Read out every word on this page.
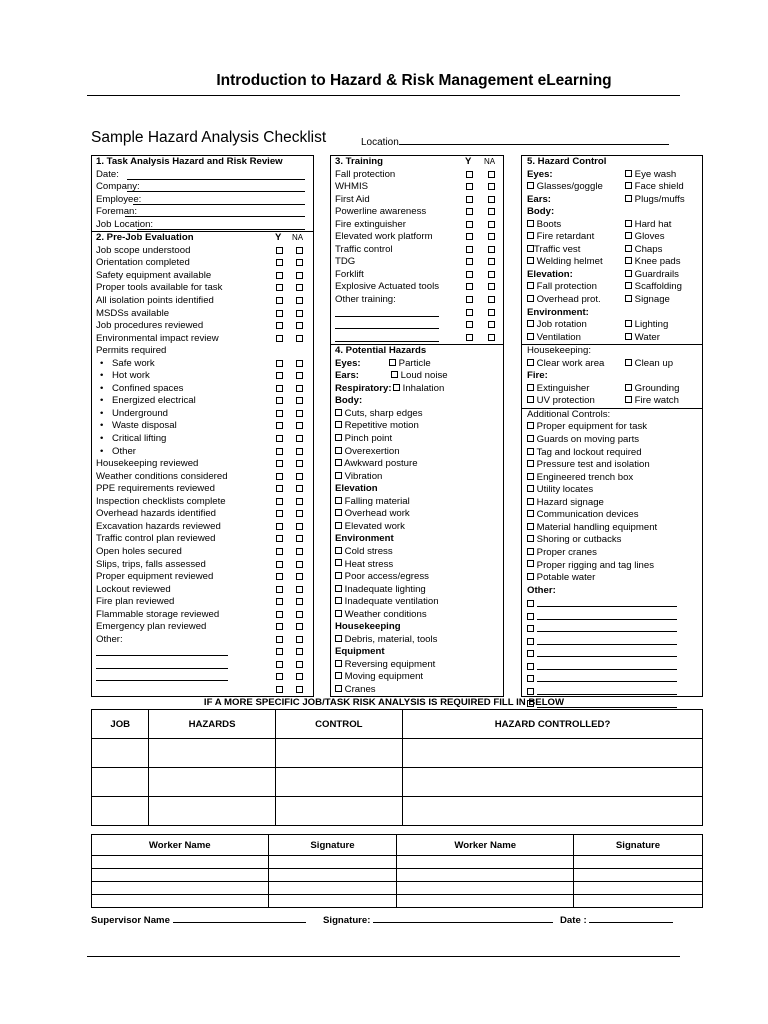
Introduction to Hazard & Risk Management eLearning
Sample Hazard Analysis Checklist	Location
1. Task Analysis Hazard and Risk Review
Date:
Company:
Employee:
Foreman:
Job Location:
2. Pre-Job Evaluation	Y NA
Job scope understood
Orientation completed
Safety equipment available
Proper tools available for task
All isolation points identified
MSDSs available
Job procedures reviewed
Environmental impact review
Permits required
• Safe work
• Hot work
• Confined spaces
• Energized electrical
• Underground
• Waste disposal
• Critical lifting
• Other
Housekeeping reviewed
Weather conditions considered
PPE requirements reviewed
Inspection checklists complete
Overhead hazards identified
Excavation hazards reviewed
Traffic control plan reviewed
Open holes secured
Slips, trips, falls assessed
Proper equipment reviewed
Lockout reviewed
Fire plan reviewed
Flammable storage reviewed
Emergency plan reviewed
Other:
3. Training	Y NA
Fall protection
WHMIS
First Aid
Powerline awareness
Fire extinguisher
Elevated work platform
Traffic control
TDG
Forklift
Explosive Actuated tools
Other training:
4. Potential Hazards
Eyes:	Particle
Ears:	Loud noise
Respiratory:	Inhalation
Body:
Cuts, sharp edges
Repetitive motion
Pinch point
Overexertion
Awkward posture
Vibration
Elevation
Falling material
Overhead work
Elevated work
Environment
Cold stress
Heat stress
Poor access/egress
Inadequate lighting
Inadequate ventilation
Weather conditions
Housekeeping
Debris, material, tools
Equipment
Reversing equipment
Moving equipment
Cranes
5. Hazard Control
Eyes:	Eye wash
Glasses/goggle	Face shield
Ears:	Plugs/muffs
Body:
Boots	Hard hat
Fire retardant	Gloves
Traffic vest	Chaps
Welding helmet	Knee pads
Elevation:	Guardrails
Fall protection	Scaffolding
Overhead prot.	Signage
Environment:
Job rotation	Lighting
Ventilation	Water
Housekeeping:
Clear work area	Clean up
Fire:
Extinguisher	Grounding
UV protection	Fire watch
Additional Controls:
Proper equipment for task
Guards on moving parts
Tag and lockout required
Pressure test and isolation
Engineered trench box
Utility locates
Hazard signage
Communication devices
Material handling equipment
Shoring or cutbacks
Proper cranes
Proper rigging and tag lines
Potable water
Other:

IF A MORE SPECIFIC JOB/TASK RISK ANALYSIS IS REQUIRED FILL IN BELOW
JOB	HAZARDS	CONTROL	HAZARD CONTROLLED?

Worker Name	Signature	Worker Name	Signature

Supervisor Name	Signature:	Date :
